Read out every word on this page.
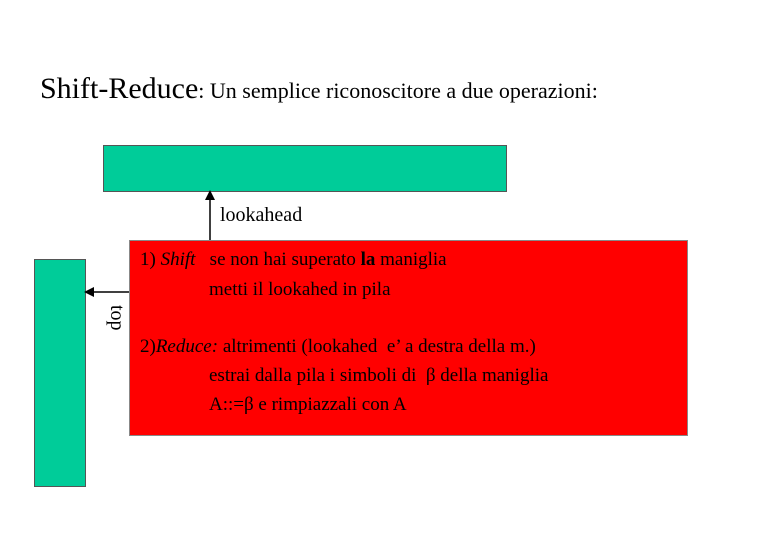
Shift-Reduce: Un semplice riconoscitore a due operazioni:
lookahead
top
1) Shift   se non hai superato la maniglia
metti il lookahed in pila
2)Reduce: altrimenti (lookahed  e’ a destra della m.)
estrai dalla pila i simboli di  β della maniglia
A::=β e rimpiazzali con A
